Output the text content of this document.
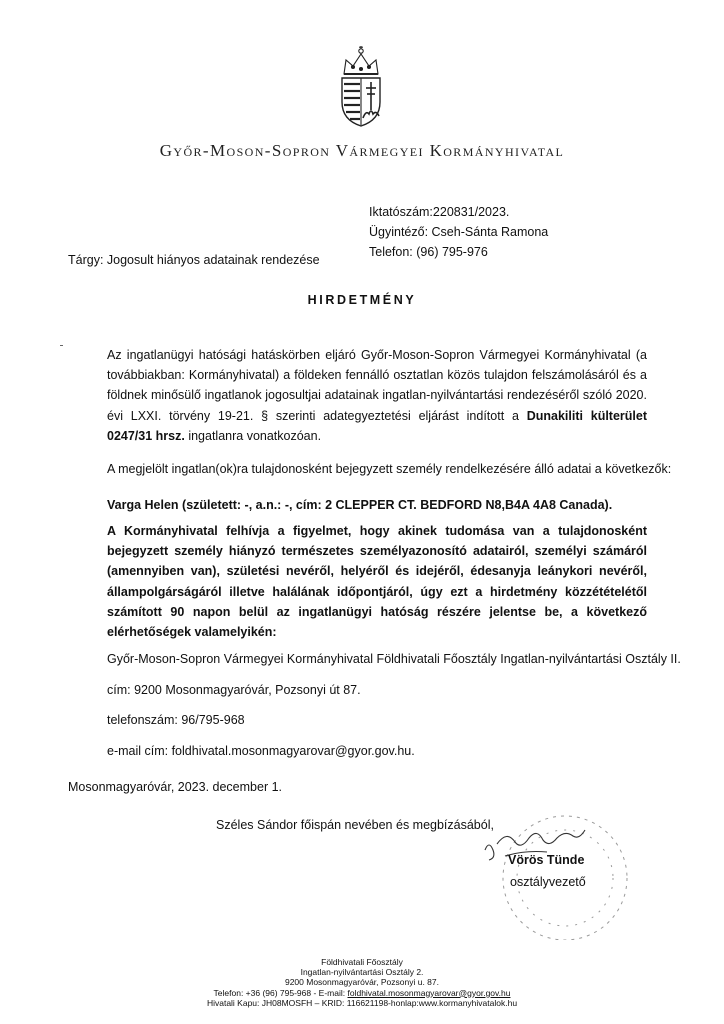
Győr-Moson-Sopron Vármegyei Kormányhivatal
Iktatószám:220831/2023.
Ügyintéző: Cseh-Sánta Ramona
Telefon: (96) 795-976
Tárgy: Jogosult hiányos adatainak rendezése
HIRDETMÉNY
Az ingatlanügyi hatósági hatáskörben eljáró Győr-Moson-Sopron Vármegyei Kormányhivatal (a továbbiakban: Kormányhivatal) a földeken fennálló osztatlan közös tulajdon felszámolásáról és a földnek minősülő ingatlanok jogosultjai adatainak ingatlan-nyilvántartási rendezéséről szóló 2020. évi LXXI. törvény 19-21. § szerinti adategyeztetési eljárást indított a Dunakiliti külterület 0247/31 hrsz. ingatlanra vonatkozóan.
A megjelölt ingatlan(ok)ra tulajdonosként bejegyzett személy rendelkezésére álló adatai a következők:
Varga Helen (született: -, a.n.: -, cím: 2 CLEPPER CT. BEDFORD N8,B4A 4A8 Canada).
A Kormányhivatal felhívja a figyelmet, hogy akinek tudomása van a tulajdonosként bejegyzett személy hiányzó természetes személyazonosító adatairól, személyi számáról (amennyiben van), születési nevéről, helyéről és idejéről, édesanyja leánykori nevéről, állampolgárságáról illetve halálának időpontjáról, úgy ezt a hirdetmény közzétételétől számított 90 napon belül az ingatlanügyi hatóság részére jelentse be, a következő elérhetőségek valamelyikén:
Győr-Moson-Sopron Vármegyei Kormányhivatal Földhivatali Főosztály Ingatlan-nyilvántartási Osztály II.
cím: 9200 Mosonmagyaróvár, Pozsonyi út 87.
telefonszám: 96/795-968
e-mail cím: foldhivatal.mosonmagyarovar@gyor.gov.hu.
Mosonmagyaróvár, 2023. december 1.
Széles Sándor főispán nevében és megbízásából,
Vörös Tünde
osztályvezető
Földhivatali Főosztály
Ingatlan-nyilvántartási Osztály 2.
9200 Mosonmagyaróvár, Pozsonyi u. 87.
Telefon: +36 (96) 795-968 - E-mail: foldhivatal.mosonmagyarovar@gyor.gov.hu
Hivatali Kapu: JH08MOSFH – KRID: 116621198-honlap:www.kormanyhivatalok.hu
